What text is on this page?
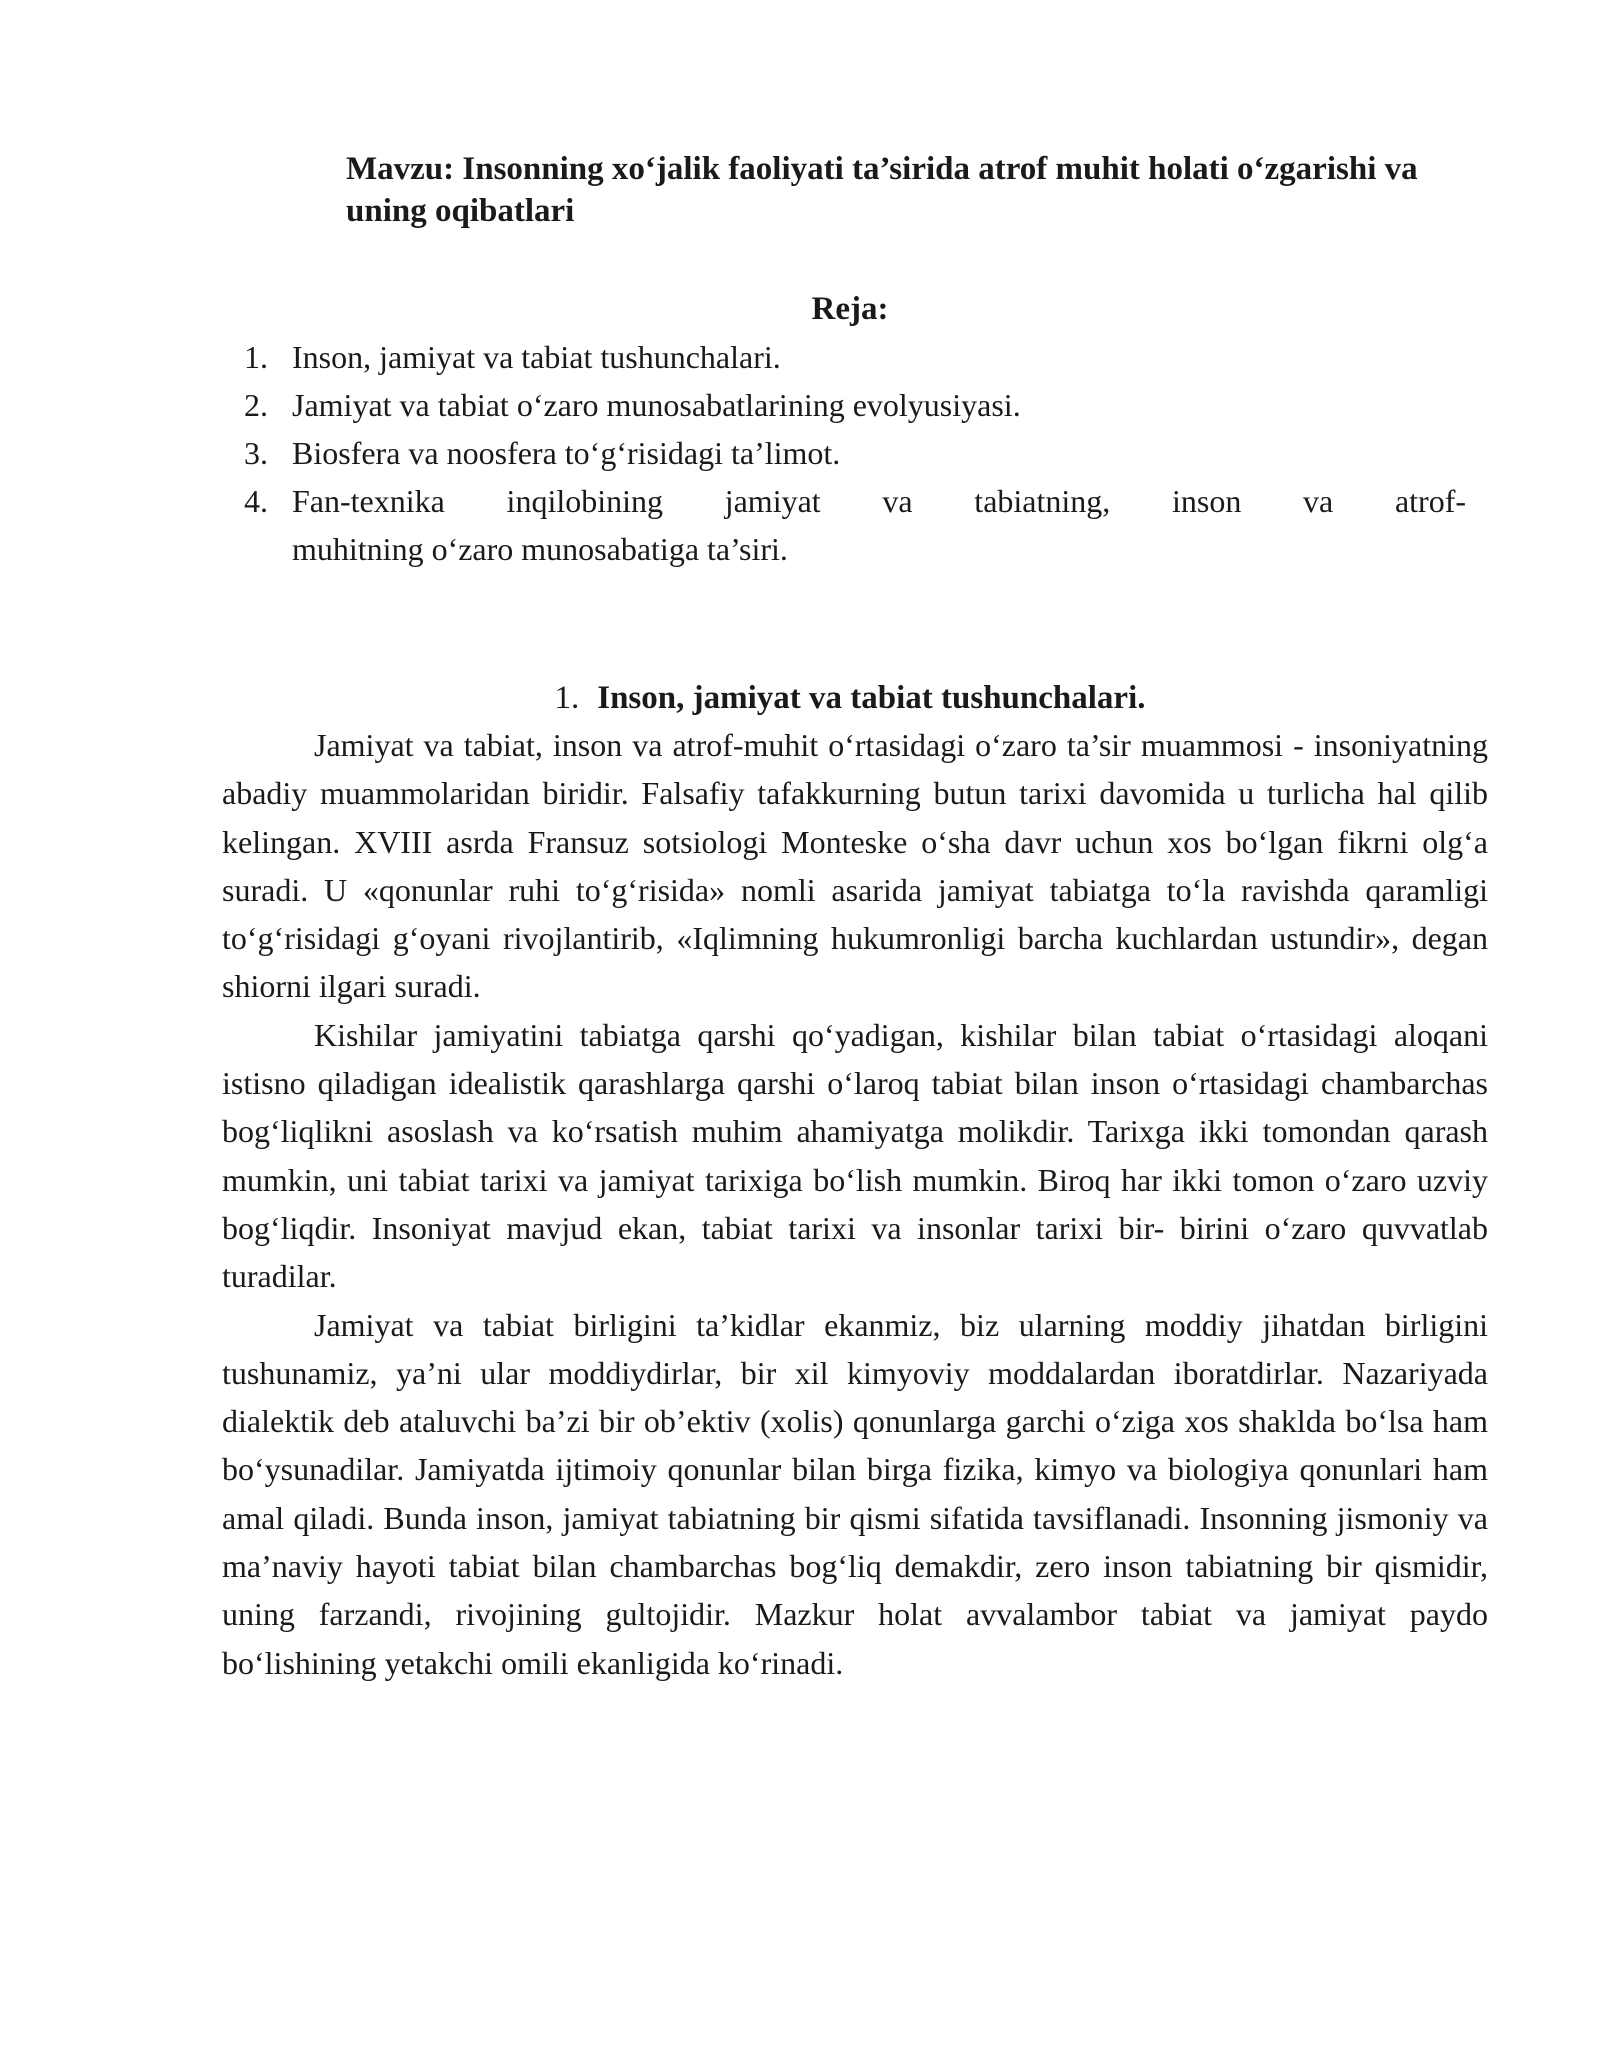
Mavzu: Insonning xoʻjalik faoliyati ta’sirida atrof muhit holati oʻzgarishi va uning oqibatlari
Reja:
1. Inson, jamiyat va tabiat tushunchalari.
2. Jamiyat va tabiat oʻzaro munosabatlarining evolyusiyasi.
3. Biosfera va noosfera toʻgʻrisidagi ta’limot.
4. Fan-texnika inqilobining jamiyat va tabiatning, inson va atrof-
muhitning oʻzaro munosabatiga ta’siri.
1. Inson, jamiyat va tabiat tushunchalari.

Jamiyat va tabiat, inson va atrof-muhit oʻrtasidagi oʻzaro ta’sir muammosi - insoniyatning abadiy muammolaridan biridir. Falsafiy tafakkurning butun tarixi davomida u turlicha hal qilib kelingan. XVIII asrda Fransuz sotsiologi Monteske oʻsha davr uchun xos boʻlgan fikrni olgʻa suradi. U «qonunlar ruhi toʻgʻrisida» nomli asarida jamiyat tabiatga toʻla ravishda qaramligi toʻgʻrisidagi gʻoyani rivojlantirib, «Iqlimning hukumronligi barcha kuchlardan ustundir», degan shiorni ilgari suradi.

Kishilar jamiyatini tabiatga qarshi qoʻyadigan, kishilar bilan tabiat oʻrtasidagi aloqani istisno qiladigan idealistik qarashlarga qarshi oʻlaroq tabiat bilan inson oʻrtasidagi chambarchas bogʻliqlikni asoslash va koʻrsatish muhim ahamiyatga molikdir. Tarixga ikki tomondan qarash mumkin, uni tabiat tarixi va jamiyat tarixiga boʻlish mumkin. Biroq har ikki tomon oʻzaro uzviy bogʻliqdir. Insoniyat mavjud ekan, tabiat tarixi va insonlar tarixi bir- birini oʻzaro quvvatlab turadilar.

Jamiyat va tabiat birligini ta’kidlar ekanmiz, biz ularning moddiy jihatdan birligini tushunamiz, ya’ni ular moddiydirlar, bir xil kimyoviy moddalardan iboratdirlar. Nazariyada dialektik deb ataluvchi ba’zi bir ob’ektiv (xolis) qonunlarga garchi oʻziga xos shaklda boʻlsa ham boʻysunadilar. Jamiyatda ijtimoiy qonunlar bilan birga fizika, kimyo va biologiya qonunlari ham amal qiladi. Bunda inson, jamiyat tabiatning bir qismi sifatida tavsiflanadi. Insonning jismoniy va ma’naviy hayoti tabiat bilan chambarchas bogʻliq demakdir, zero inson tabiatning bir qismidir, uning farzandi, rivojining gultojidir. Mazkur holat avvalambor tabiat va jamiyat paydo boʻlishining yetakchi omili ekanligida koʻrinadi.
